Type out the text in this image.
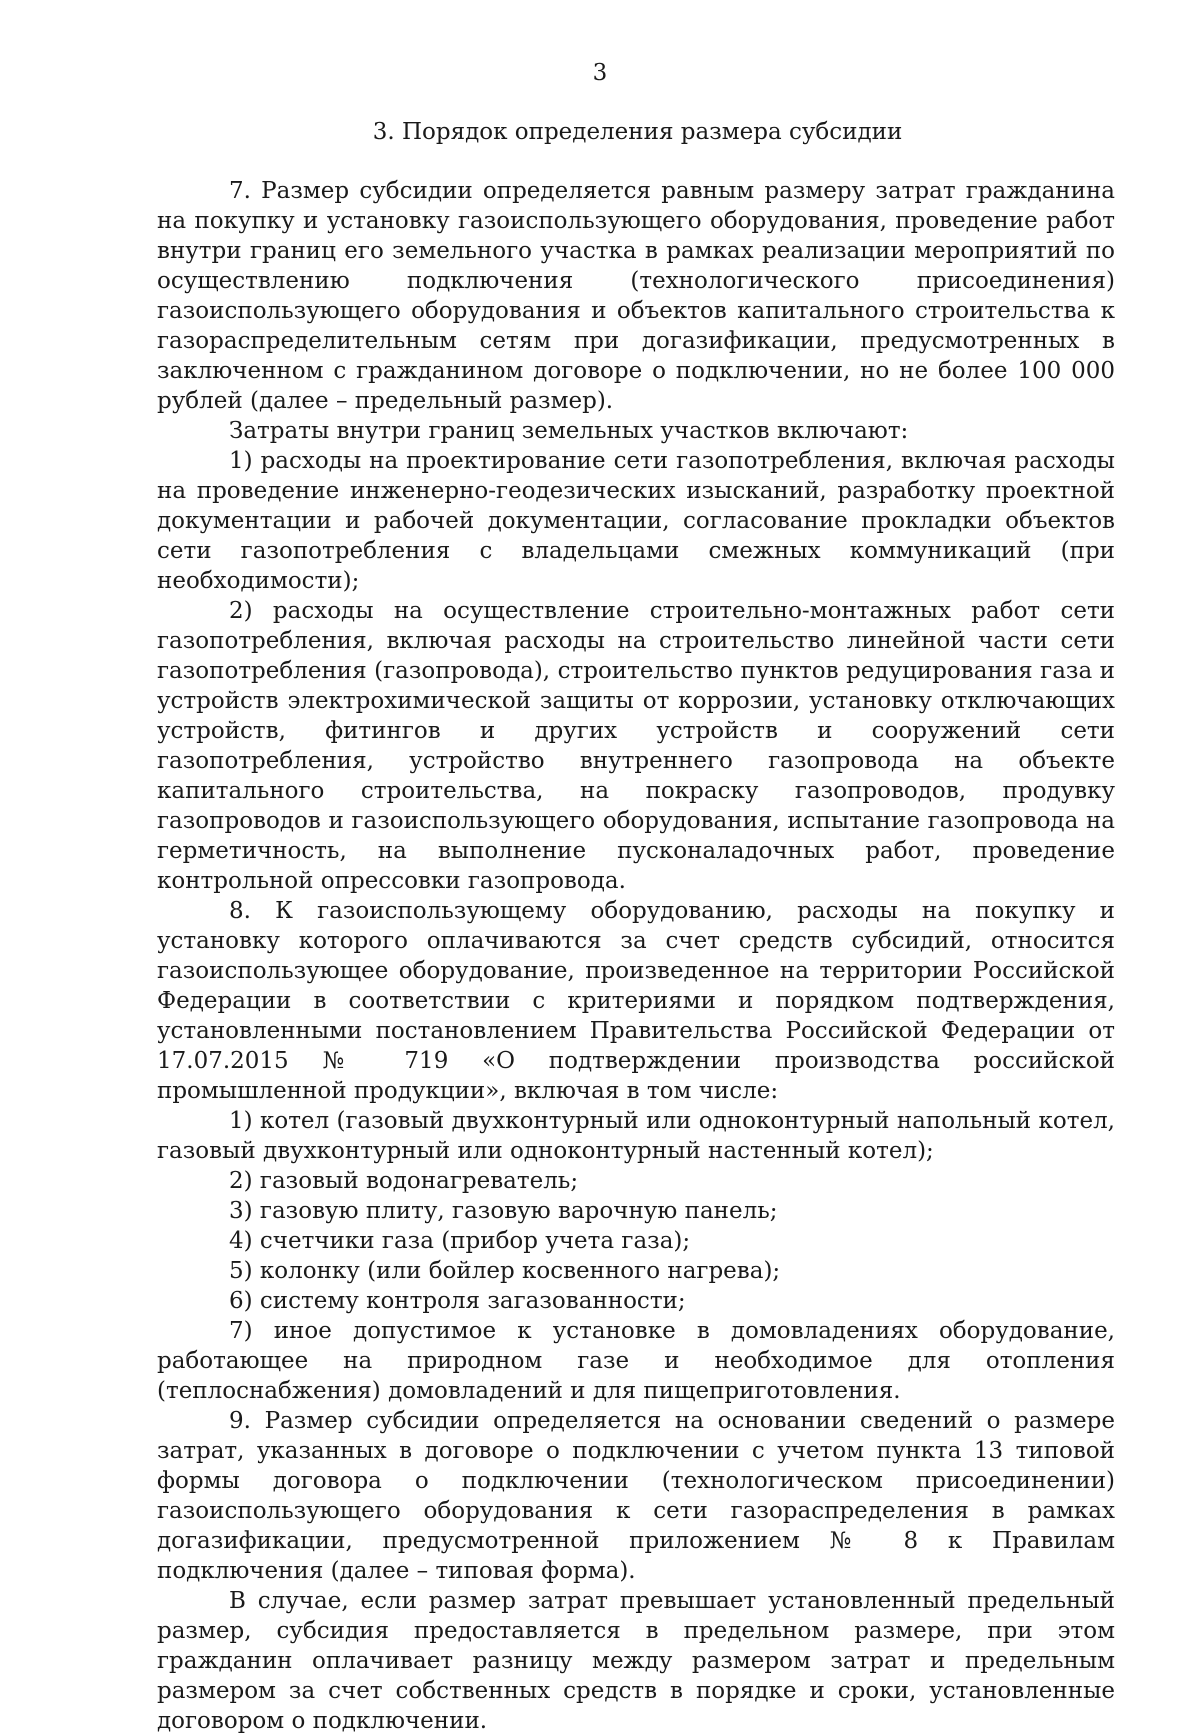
3
3. Порядок определения размера субсидии

7. Размер субсидии определяется равным размеру затрат гражданина на покупку и установку газоиспользующего оборудования, проведение работ внутри границ его земельного участка в рамках реализации мероприятий по осуществлению подключения (технологического присоединения) газоиспользующего оборудования и объектов капитального строительства к газораспределительным сетям при догазификации, предусмотренных в заключенном с гражданином договоре о подключении, но не более 100 000 рублей (далее – предельный размер).

Затраты внутри границ земельных участков включают:

1) расходы на проектирование сети газопотребления, включая расходы на проведение инженерно-геодезических изысканий, разработку проектной документации и рабочей документации, согласование прокладки объектов сети газопотребления с владельцами смежных коммуникаций (при необходимости);

2) расходы на осуществление строительно-монтажных работ сети газопотребления, включая расходы на строительство линейной части сети газопотребления (газопровода), строительство пунктов редуцирования газа и устройств электрохимической защиты от коррозии, установку отключающих устройств, фитингов и других устройств и сооружений сети газопотребления, устройство внутреннего газопровода на объекте капитального строительства, на покраску газопроводов, продувку газопроводов и газоиспользующего оборудования, испытание газопровода на герметичность, на выполнение пусконаладочных работ, проведение контрольной опрессовки газопровода.

8. К газоиспользующему оборудованию, расходы на покупку и установку которого оплачиваются за счет средств субсидий, относится газоиспользующее оборудование, произведенное на территории Российской Федерации в соответствии с критериями и порядком подтверждения, установленными постановлением Правительства Российской Федерации от 17.07.2015 № 719 «О подтверждении производства российской промышленной продукции», включая в том числе:

1) котел (газовый двухконтурный или одноконтурный напольный котел, газовый двухконтурный или одноконтурный настенный котел);

2) газовый водонагреватель;

3) газовую плиту, газовую варочную панель;

4) счетчики газа (прибор учета газа);

5) колонку (или бойлер косвенного нагрева);

6) систему контроля загазованности;

7) иное допустимое к установке в домовладениях оборудование, работающее на природном газе и необходимое для отопления (теплоснабжения) домовладений и для пищеприготовления.

9. Размер субсидии определяется на основании сведений о размере затрат, указанных в договоре о подключении с учетом пункта 13 типовой формы договора о подключении (технологическом присоединении) газоиспользующего оборудования к сети газораспределения в рамках догазификации, предусмотренной приложением № 8 к Правилам подключения (далее – типовая форма).

В случае, если размер затрат превышает установленный предельный размер, субсидия предоставляется в предельном размере, при этом гражданин оплачивает разницу между размером затрат и предельным размером за счет собственных средств в порядке и сроки, установленные договором о подключении.
